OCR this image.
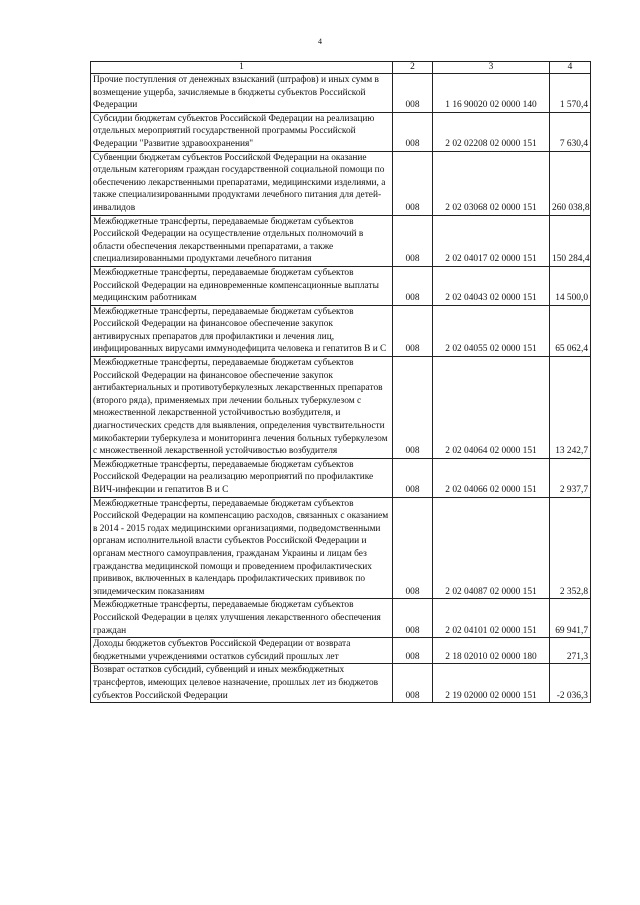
4
1	2	3	4
Прочие поступления от денежных взысканий (штрафов) и иных сумм в возмещение ущерба, зачисляемые в бюджеты субъектов Российской Федерации	008	1 16 90020 02 0000 140	1 570,4
Субсидии бюджетам субъектов Российской Федерации на реализацию отдельных мероприятий государственной программы Российской Федерации "Развитие здравоохранения"	008	2 02 02208 02 0000 151	7 630,4
Субвенции бюджетам субъектов Российской Федерации на оказание отдельным категориям граждан государственной социальной помощи по обеспечению лекарственными препаратами, медицинскими изделиями, а также специализированными продуктами лечебного питания для детей-инвалидов	008	2 02 03068 02 0000 151	260 038,8
Межбюджетные трансферты, передаваемые бюджетам субъектов Российской Федерации на осуществление отдельных полномочий в области обеспечения лекарственными препаратами, а также специализированными продуктами лечебного питания	008	2 02 04017 02 0000 151	150 284,4
Межбюджетные трансферты, передаваемые бюджетам субъектов Российской Федерации на единовременные компенсационные выплаты медицинским работникам	008	2 02 04043 02 0000 151	14 500,0
Межбюджетные трансферты, передаваемые бюджетам субъектов Российской Федерации на финансовое обеспечение закупок антивирусных препаратов для профилактики и лечения лиц, инфицированных вирусами иммунодефицита человека и гепатитов В и С	008	2 02 04055 02 0000 151	65 062,4
Межбюджетные трансферты, передаваемые бюджетам субъектов Российской Федерации на финансовое обеспечение закупок антибактериальных и противотуберкулезных лекарственных препаратов (второго ряда), применяемых при лечении больных туберкулезом с множественной лекарственной устойчивостью возбудителя, и диагностических средств для выявления, определения чувствительности микобактерии туберкулеза и мониторинга лечения больных туберкулезом с множественной лекарственной устойчивостью возбудителя	008	2 02 04064 02 0000 151	13 242,7
Межбюджетные трансферты, передаваемые бюджетам субъектов Российской Федерации на реализацию мероприятий по профилактике ВИЧ-инфекции и гепатитов В и С	008	2 02 04066 02 0000 151	2 937,7
Межбюджетные трансферты, передаваемые бюджетам субъектов Российской Федерации на компенсацию расходов, связанных с оказанием в 2014 - 2015 годах медицинскими организациями, подведомственными органам исполнительной власти субъектов Российской Федерации и органам местного самоуправления, гражданам Украины и лицам без гражданства медицинской помощи и проведением профилактических прививок, включенных в календарь профилактических прививок по эпидемическим показаниям	008	2 02 04087 02 0000 151	2 352,8
Межбюджетные трансферты, передаваемые бюджетам субъектов Российской Федерации в целях улучшения лекарственного обеспечения граждан	008	2 02 04101 02 0000 151	69 941,7
Доходы бюджетов субъектов Российской Федерации от возврата бюджетными учреждениями остатков субсидий прошлых лет	008	2 18 02010 02 0000 180	271,3
Возврат остатков субсидий, субвенций и иных межбюджетных трансфертов, имеющих целевое назначение, прошлых лет из бюджетов субъектов Российской Федерации	008	2 19 02000 02 0000 151	-2 036,3
